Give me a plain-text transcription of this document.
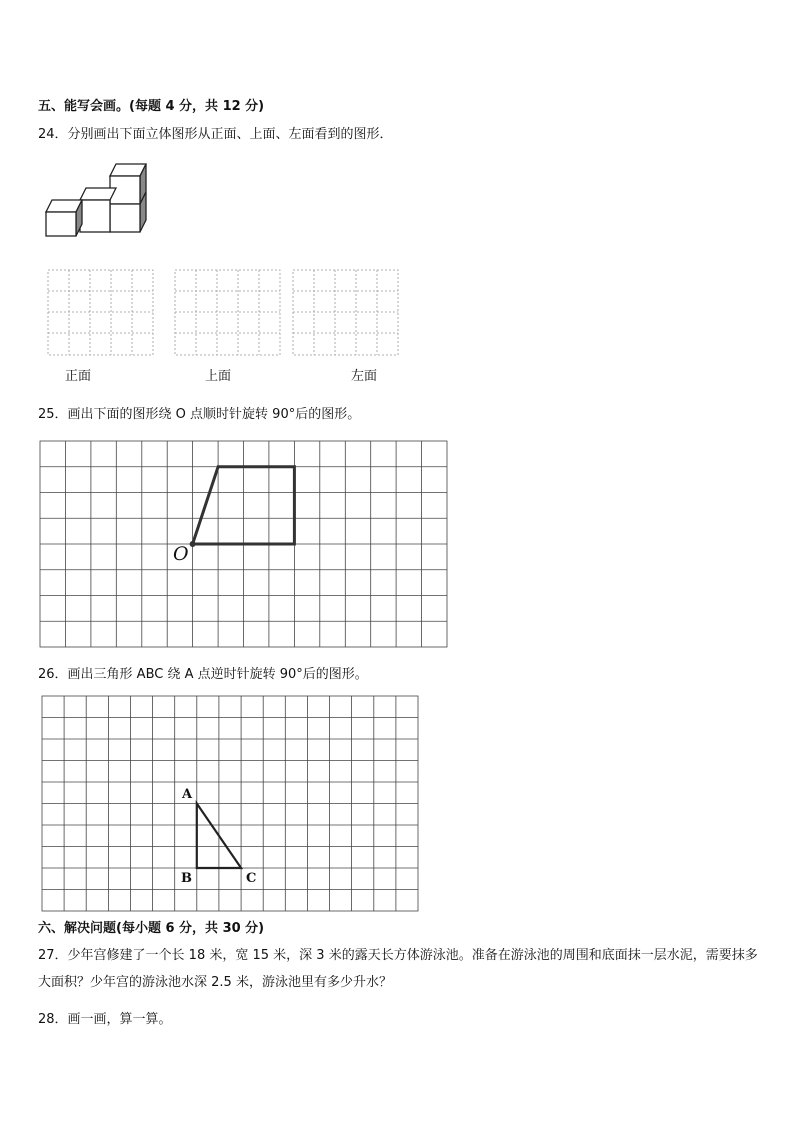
五、能写会画。(每题 4 分，共 12 分)
24．分别画出下面立体图形从正面、上面、左面看到的图形．
正面	上面	左面
25．画出下面的图形绕 O 点顺时针旋转 90°后的图形。
O
26．画出三角形 ABC 绕 A 点逆时针旋转 90°后的图形。
A
B	C
六、解决问题(每小题 6 分，共 30 分)
27．少年宫修建了一个长 18 米，宽 15 米，深 3 米的露天长方体游泳池。准备在游泳池的周围和底面抹一层水泥，需要抹多大面积？少年宫的游泳池水深 2.5 米，游泳池里有多少升水？
28．画一画，算一算。
